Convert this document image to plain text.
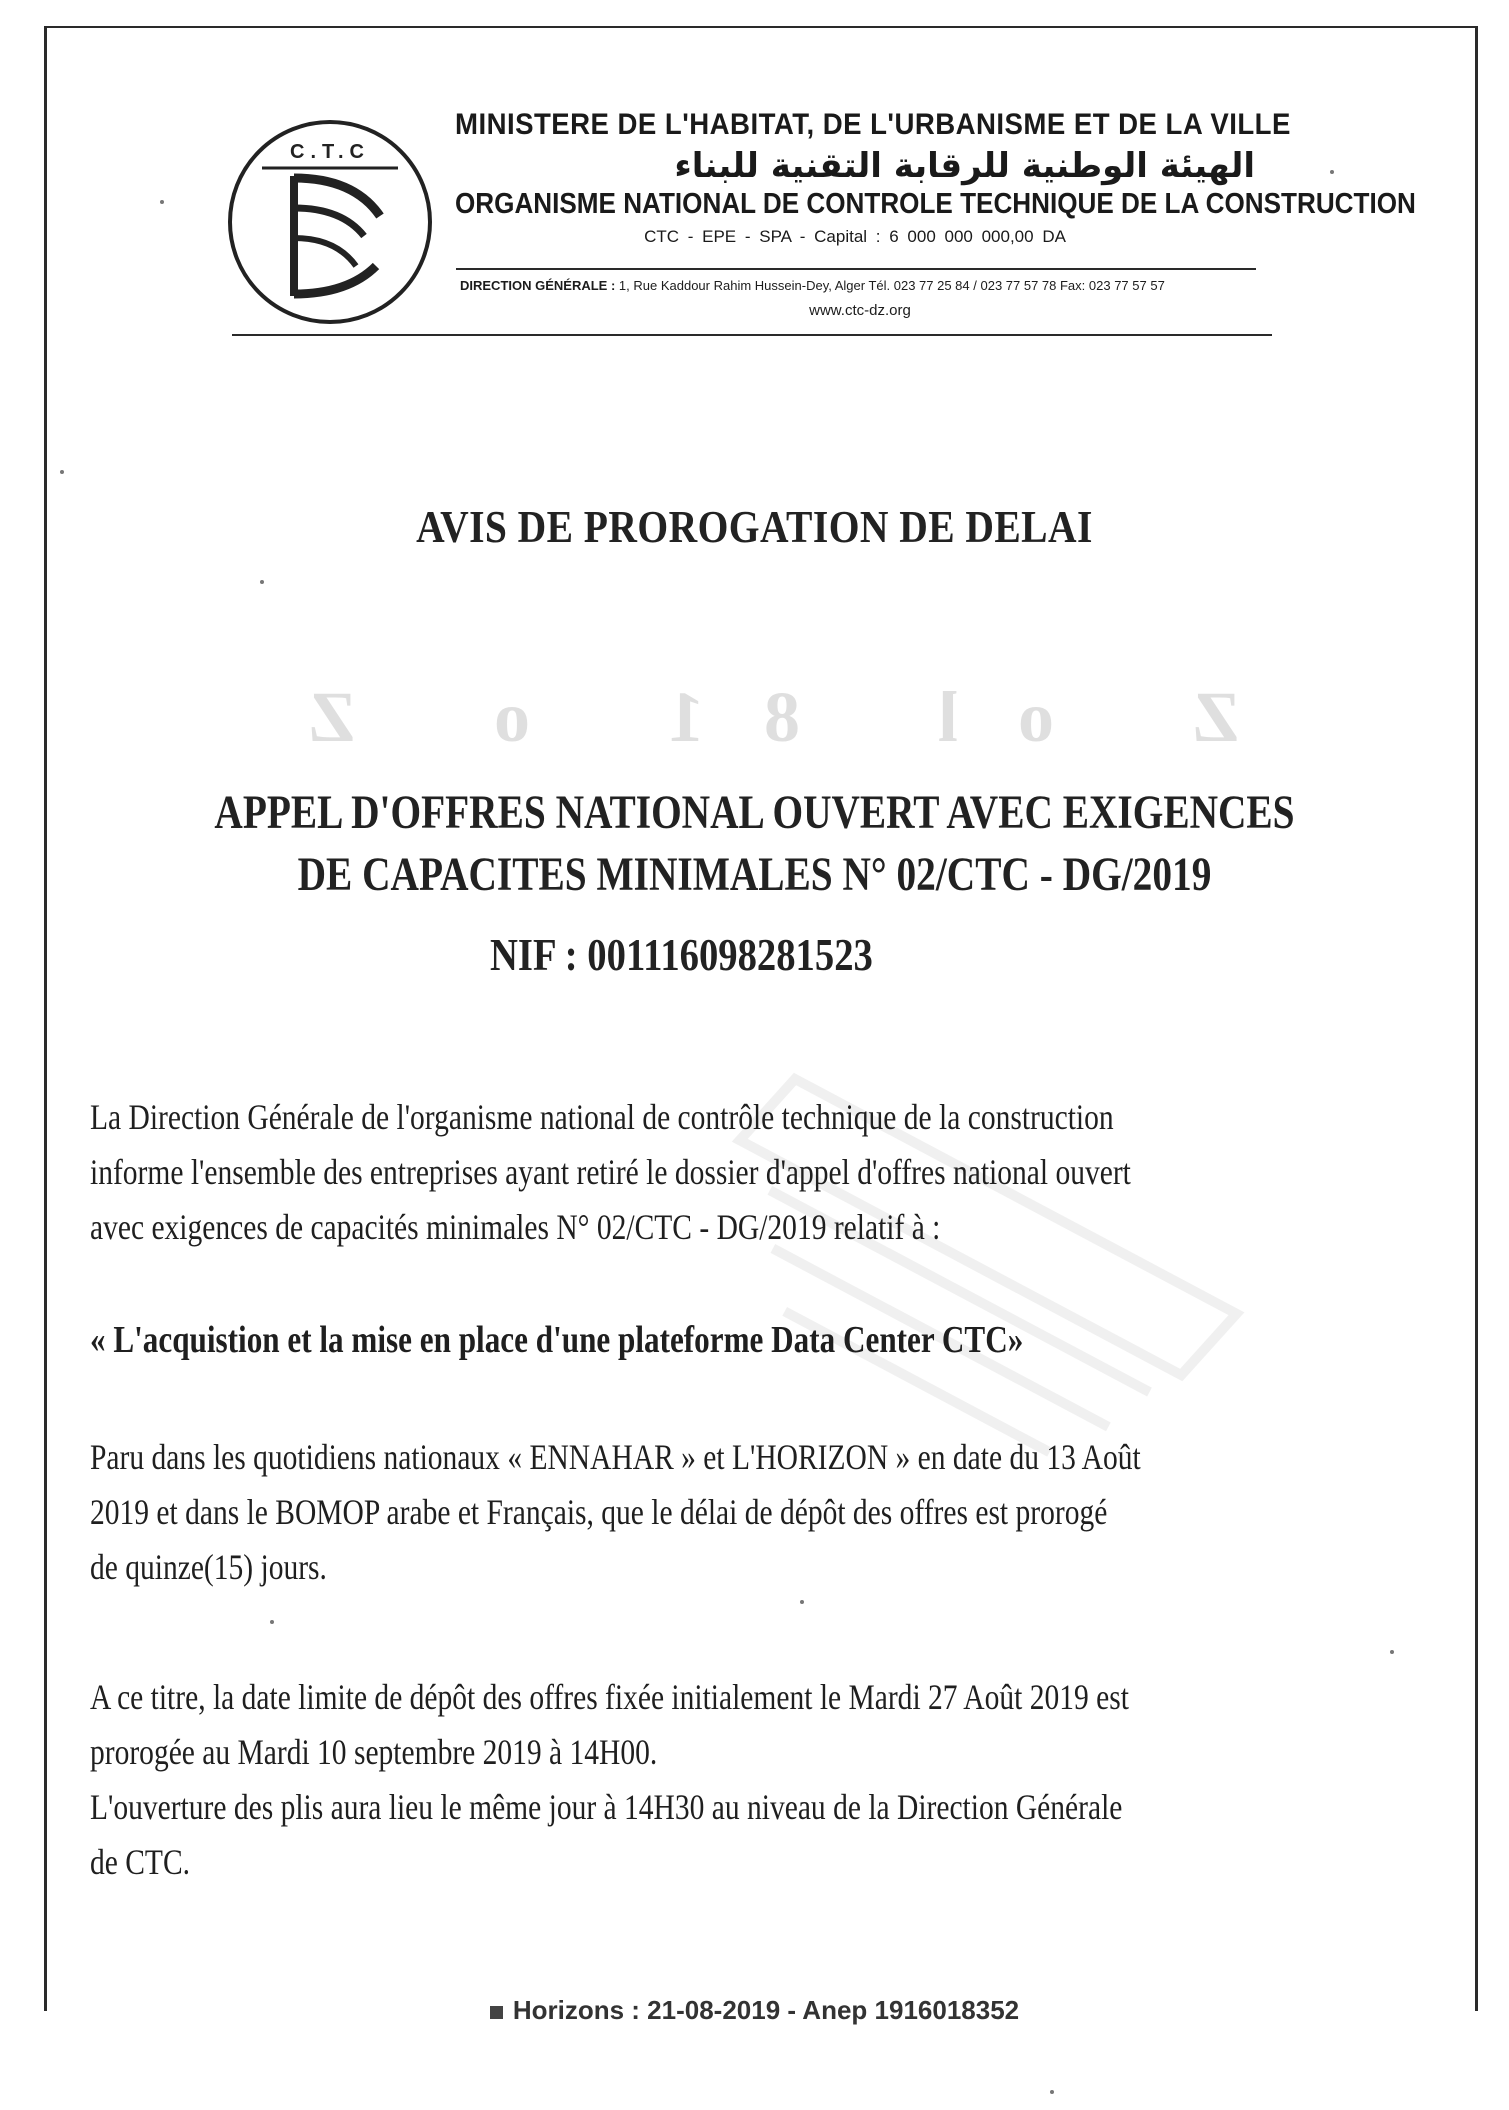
C.T.C
MINISTERE DE L'HABITAT, DE L'URBANISME ET DE LA VILLE
الهيئة الوطنية للرقابة التقنية للبناء
ORGANISME NATIONAL DE CONTROLE TECHNIQUE DE LA CONSTRUCTION
CTC - EPE - SPA - Capital : 6 000 000 000,00 DA
DIRECTION GÉNÉRALE : 1, Rue Kaddour Rahim Hussein-Dey, Alger Tél. 023 77 25 84 / 023 77 57 78 Fax: 023 77 57 57
www.ctc-dz.org
AVIS DE PROROGATION DE DELAI
Z ol 81 o Z
APPEL D'OFFRES NATIONAL OUVERT AVEC EXIGENCES
DE CAPACITES MINIMALES N° 02/CTC - DG/2019
NIF : 001116098281523

La Direction Générale de l'organisme national de contrôle technique de la construction

informe l'ensemble des entreprises ayant retiré le dossier d'appel d'offres national ouvert

avec exigences de capacités minimales N° 02/CTC - DG/2019 relatif à :

« L'acquistion et la mise en place d'une plateforme Data Center CTC»

Paru dans les quotidiens nationaux « ENNAHAR » et L'HORIZON » en date du 13 Août

2019 et dans le BOMOP arabe et Français, que le délai de dépôt des offres est prorogé

de quinze(15) jours.

A ce titre, la date limite de dépôt des offres fixée initialement le Mardi 27 Août 2019 est

prorogée au Mardi 10 septembre 2019 à 14H00.

L'ouverture des plis aura lieu le même jour à 14H30 au niveau de la Direction Générale

de CTC.

Horizons : 21-08-2019 - Anep 1916018352
